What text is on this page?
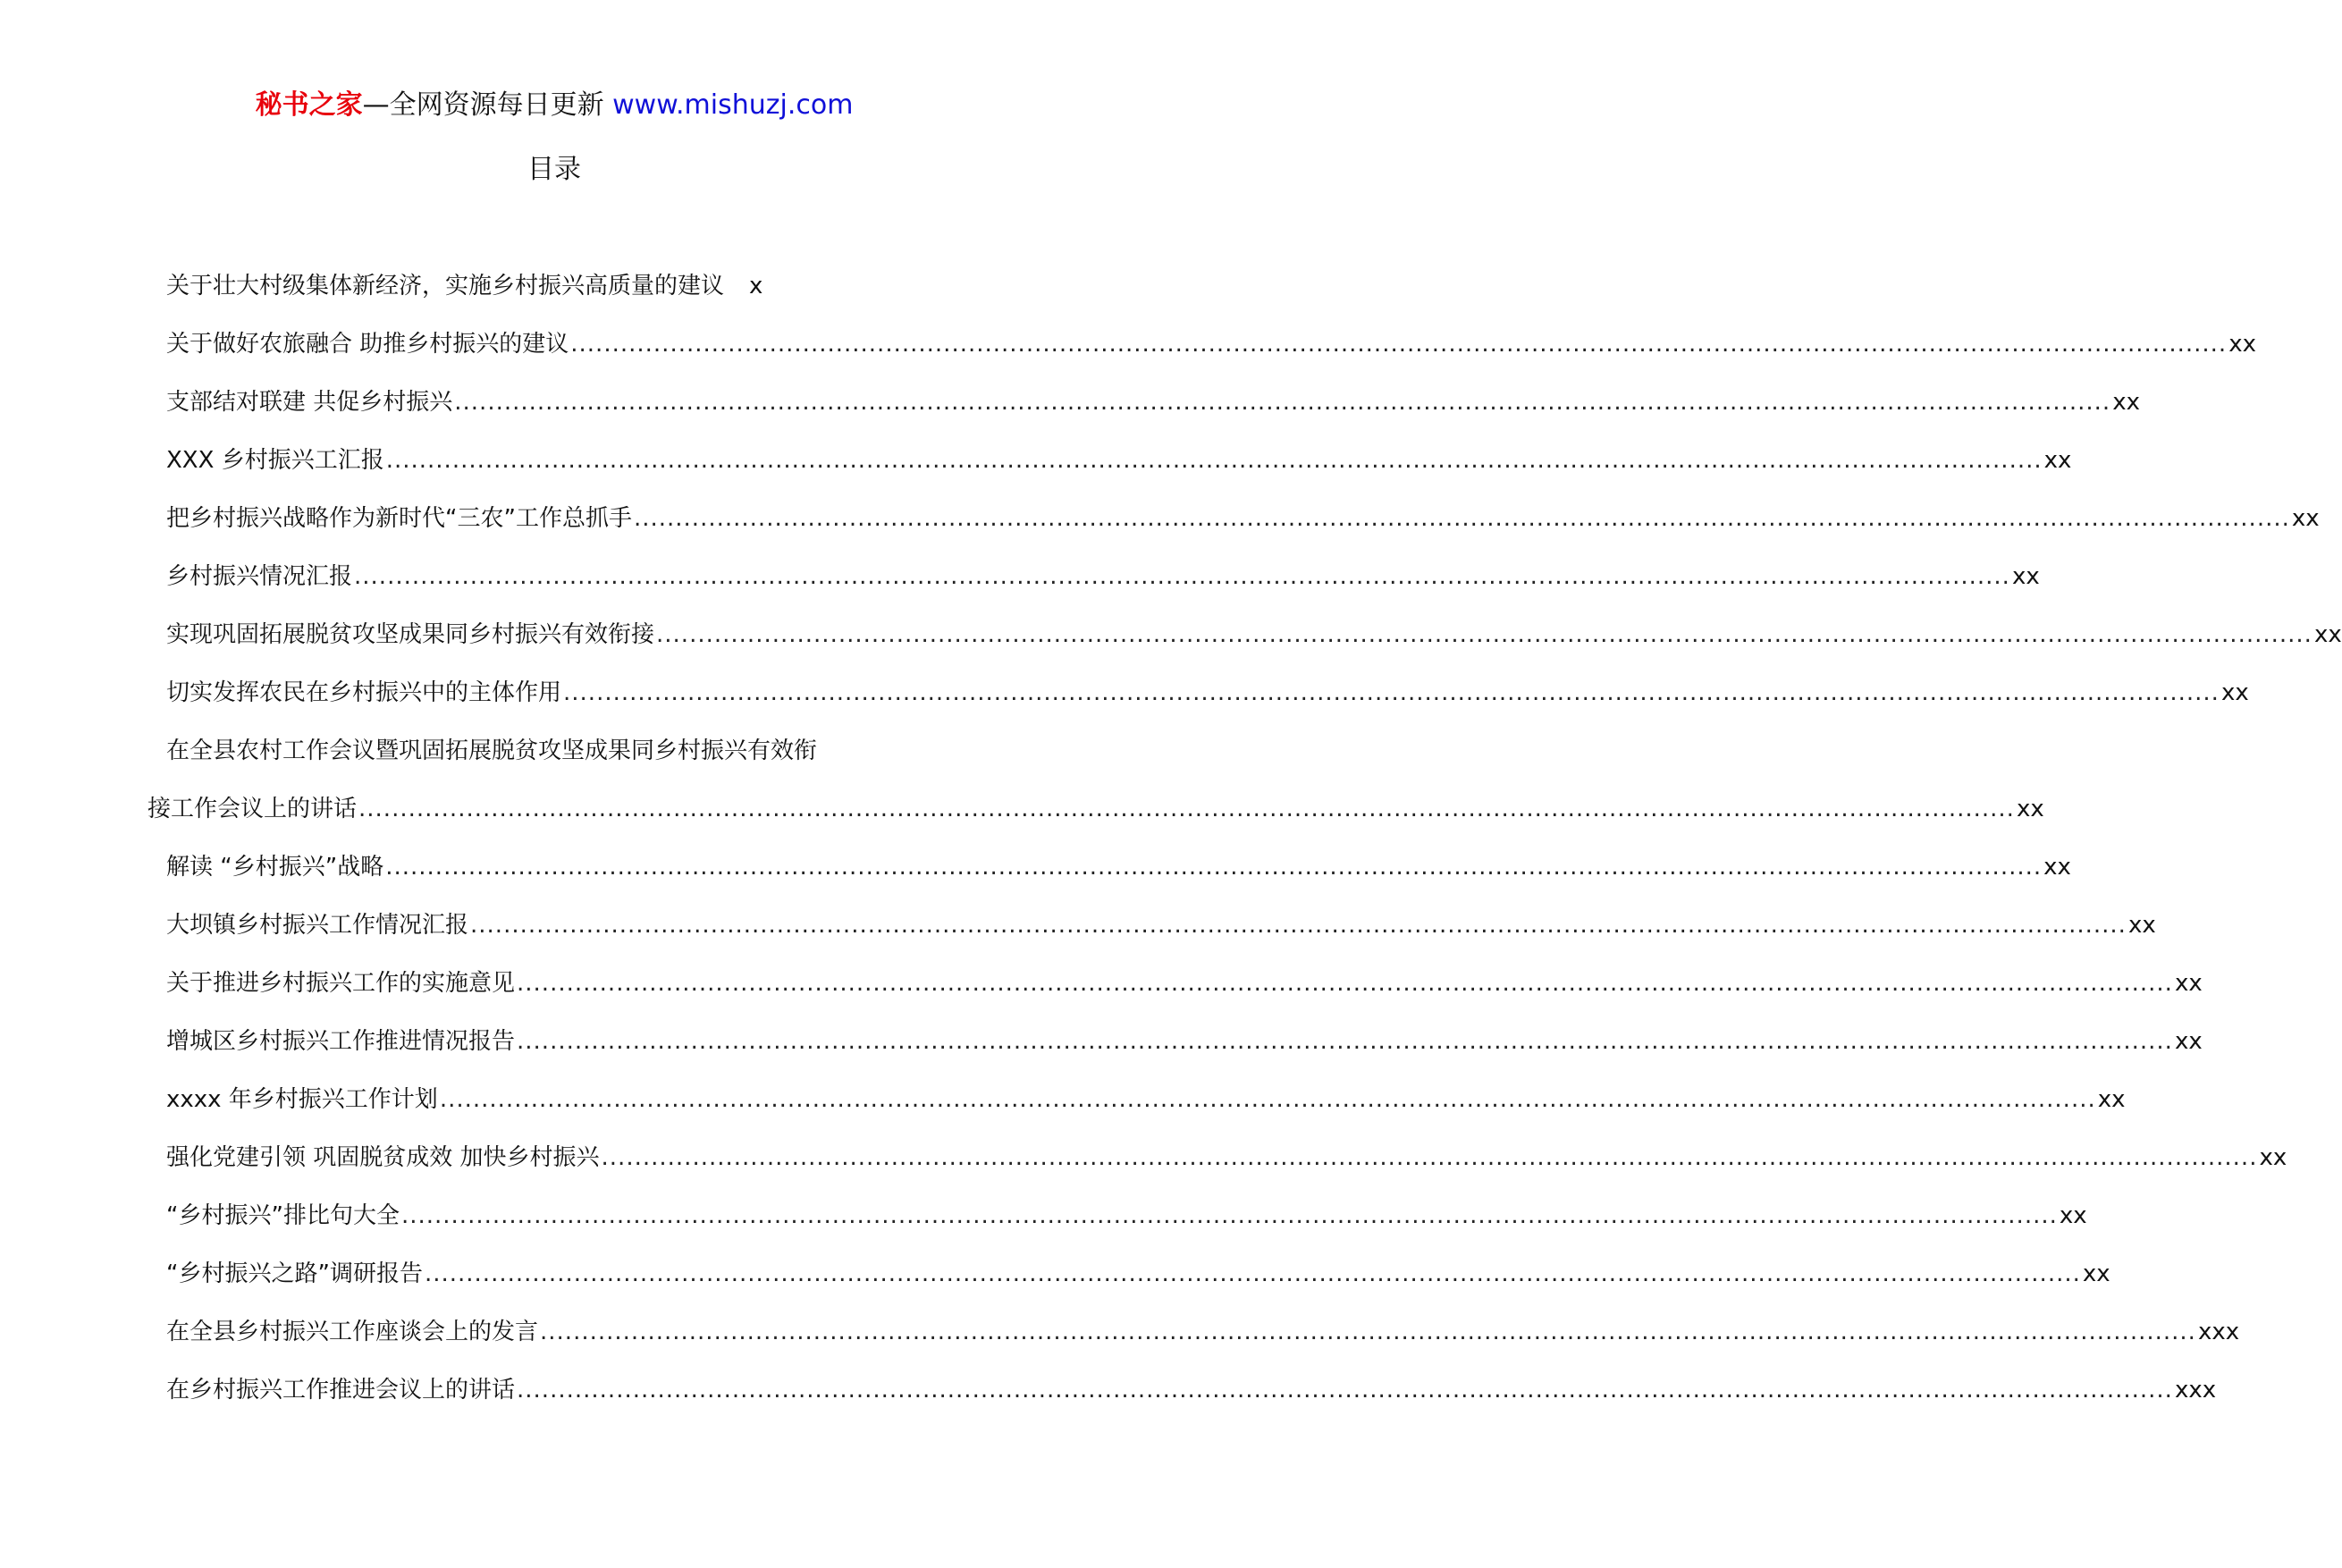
秘书之家—全网资源每日更新 www.mishuzj.com
目录
关于壮大村级集体新经济，实施乡村振兴高质量的建议 x
关于做好农旅融合 助推乡村振兴的建议 ........................................................................................................................................................................................................ xx
支部结对联建 共促乡村振兴 ........................................................................................................................................................................................................ xx
XXX 乡村振兴工汇报 ........................................................................................................................................................................................................ xx
把乡村振兴战略作为新时代“三农”工作总抓手 ........................................................................................................................................................................................................ xx
乡村振兴情况汇报 ........................................................................................................................................................................................................ xx
实现巩固拓展脱贫攻坚成果同乡村振兴有效衔接 ........................................................................................................................................................................................................ xx
切实发挥农民在乡村振兴中的主体作用 ........................................................................................................................................................................................................ xx
在全县农村工作会议暨巩固拓展脱贫攻坚成果同乡村振兴有效衔
接工作会议上的讲话 ........................................................................................................................................................................................................ xx
解读 “乡村振兴”战略 ........................................................................................................................................................................................................ xx
大坝镇乡村振兴工作情况汇报 ........................................................................................................................................................................................................ xx
关于推进乡村振兴工作的实施意见 ........................................................................................................................................................................................................ xx
增城区乡村振兴工作推进情况报告 ........................................................................................................................................................................................................ xx
xxxx 年乡村振兴工作计划 ........................................................................................................................................................................................................ xx
强化党建引领 巩固脱贫成效 加快乡村振兴 ........................................................................................................................................................................................................ xx
“乡村振兴”排比句大全 ........................................................................................................................................................................................................ xx
“乡村振兴之路”调研报告 ........................................................................................................................................................................................................ xx
在全县乡村振兴工作座谈会上的发言 ........................................................................................................................................................................................................ xxx
在乡村振兴工作推进会议上的讲话 ........................................................................................................................................................................................................ xxx
